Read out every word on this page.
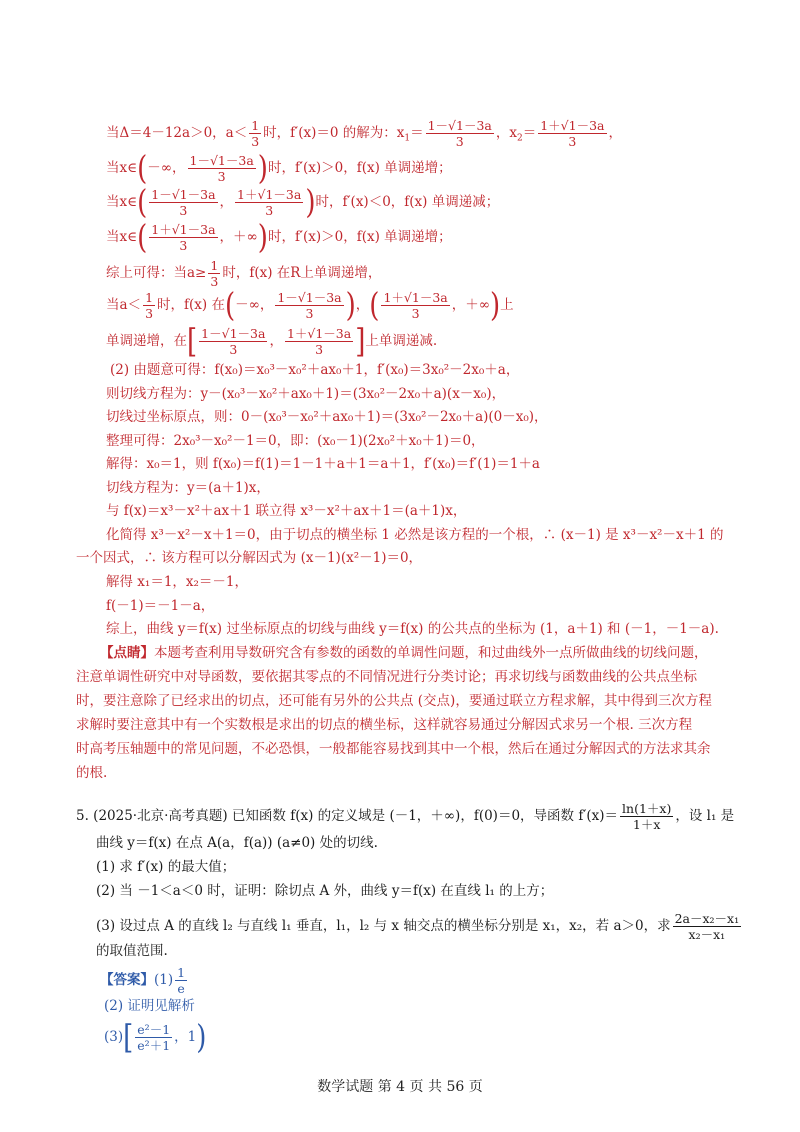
当Δ＝4－12a＞0，$a< \frac{1}{3}$ 时，f′(x)＝0 的解为：$x_1= \frac{1-√1-3a}{3}$ ，$x_2= \frac{1+√1-3a}{3}$ ，
当x∈(－∞， $\frac{1-√1-3a}{3}$ )时，f′(x)＞0，f(x) 单调递增；
当x∈( $\frac{1-√1-3a}{3}$ ， $\frac{1+√1-3a}{3}$ )时，f′(x)＜0，f(x) 单调递减；
当x∈( $\frac{1+√1-3a}{3}$ ，＋∞)时，f′(x)＞0，f(x) 单调递增；
综上可得：当$a\ge \frac{1}{3}$ 时，f(x) 在R上单调递增，
当$a< \frac{1}{3}$ 时，f(x) 在(－∞， $\frac{1-√1-3a}{3}$ )，( $\frac{1+√1-3a}{3}$ ，＋∞)上
单调递增，在[ $\frac{1-√1-3a}{3}$ ， $\frac{1+√1-3a}{3}$ ]上单调递减.
(2) 由题意可得：f(x₀)＝x₀³－x₀²＋ax₀＋1，f′(x₀)＝3x₀²－2x₀＋a，
则切线方程为：y－(x₀³－x₀²＋ax₀＋1)＝(3x₀²－2x₀＋a)(x－x₀)，
切线过坐标原点，则：0－(x₀³－x₀²＋ax₀＋1)＝(3x₀²－2x₀＋a)(0－x₀)，
整理可得：2x₀³－x₀²－1＝0，即：(x₀－1)(2x₀²＋x₀＋1)＝0，
解得：x₀＝1，则 f(x₀)＝f(1)＝1－1＋a＋1＝a＋1，f′(x₀)＝f′(1)＝1＋a
切线方程为：y＝(a＋1)x，
与 f(x)＝x³－x²＋ax＋1 联立得 x³－x²＋ax＋1＝(a＋1)x，
化简得 x³－x²－x＋1＝0，由于切点的横坐标 1 必然是该方程的一个根，∴ (x－1) 是 x³－x²－x＋1 的
一个因式，∴ 该方程可以分解因式为 (x－1)(x²－1)＝0，
解得 x₁＝1，x₂＝－1，
f(－1)＝－1－a，
综上，曲线 y＝f(x) 过坐标原点的切线与曲线 y＝f(x) 的公共点的坐标为 (1，a＋1) 和 (－1，－1－a).
【点睛】本题考查利用导数研究含有参数的函数的单调性问题，和过曲线外一点所做曲线的切线问题，
注意单调性研究中对导函数，要依据其零点的不同情况进行分类讨论；再求切线与函数曲线的公共点坐标
时，要注意除了已经求出的切点，还可能有另外的公共点 (交点)，要通过联立方程求解，其中得到三次方程
求解时要注意其中有一个实数根是求出的切点的横坐标，这样就容易通过分解因式求另一个根. 三次方程
时高考压轴题中的常见问题，不必恐惧，一般都能容易找到其中一个根，然后在通过分解因式的方法求其余
的根.
5. (2025·北京·高考真题) 已知函数 f(x) 的定义域是 (－1，＋∞)，f(0)＝0，导函数 $f'(x)= \frac{\ln(1+x)}{1+x}$ ，设 l₁ 是
曲线 y＝f(x) 在点 A(a，f(a)) (a≠0) 处的切线.
(1) 求 f′(x) 的最大值；
(2) 当 －1＜a＜0 时，证明：除切点 A 外，曲线 y＝f(x) 在直线 l₁ 的上方；
(3) 设过点 A 的直线 l₂ 与直线 l₁ 垂直，l₁，l₂ 与 x 轴交点的横坐标分别是 x₁，x₂，若 a＞0，求 $\frac{\text{2a－x₂－x₁}}{\text{x₂－x₁}}$
的取值范围.
【答案】$(1) \frac{1}{e}$
(2) 证明见解析
$(3)[ \frac{\text{e²－1}}{\text{e²＋1}}$ ，1)
数学试题 第 4 页 共 56 页
